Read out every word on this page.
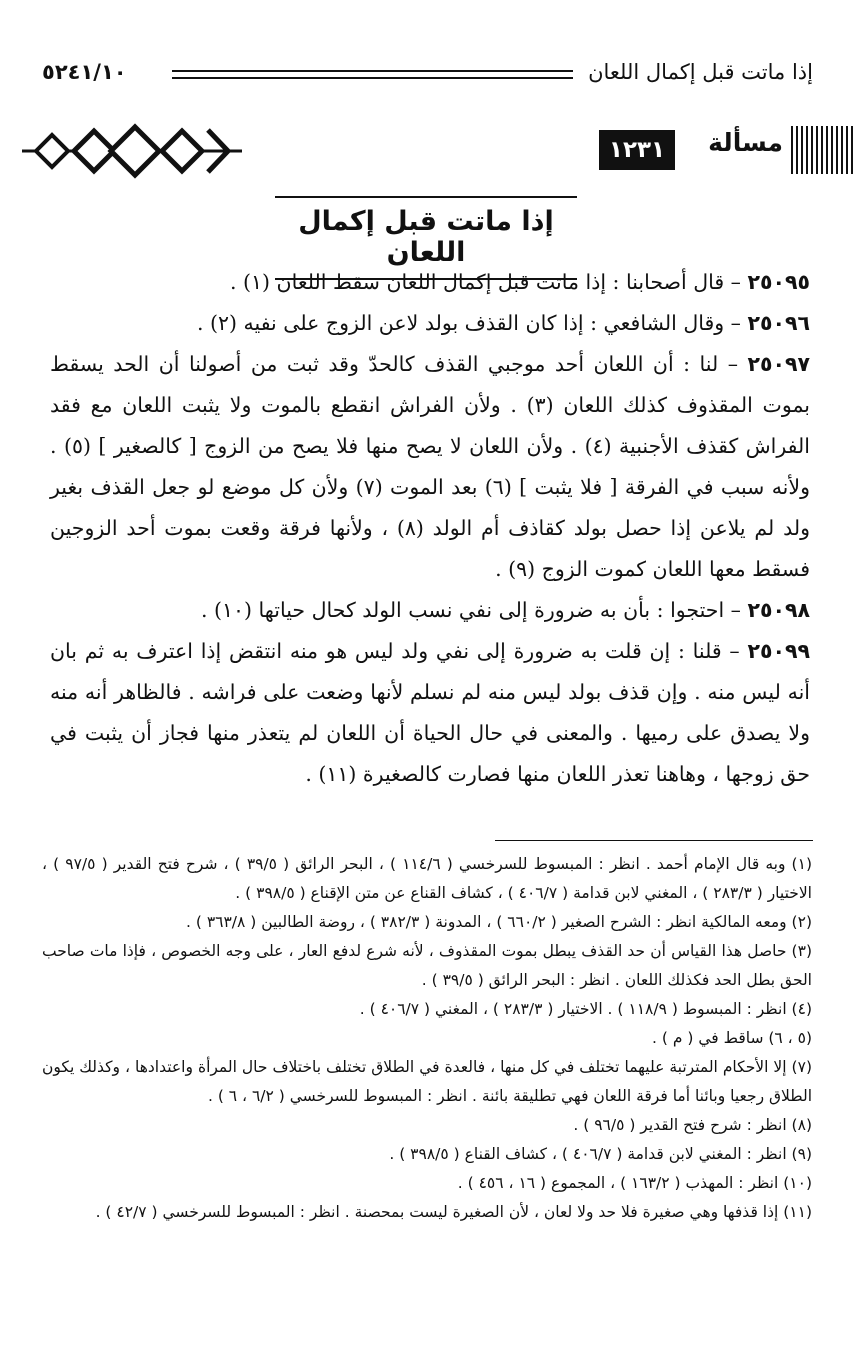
إذا ماتت قبل إكمال اللعان
٥٢٤١/١٠
١٢٣١	مسألة
إذا ماتت قبل إكمال اللعان

٢٥٠٩٥ – قال أصحابنا : إذا ماتت قبل إكمال اللعان سقط اللعان (١) .

٢٥٠٩٦ – وقال الشافعي : إذا كان القذف بولد لاعن الزوج على نفيه (٢) .

٢٥٠٩٧ – لنا : أن اللعان أحد موجبي القذف كالحدّ وقد ثبت من أصولنا أن الحد يسقط بموت المقذوف كذلك اللعان (٣) . ولأن الفراش انقطع بالموت ولا يثبت اللعان مع فقد الفراش كقذف الأجنبية (٤) . ولأن اللعان لا يصح منها فلا يصح من الزوج [ كالصغير ] (٥) . ولأنه سبب في الفرقة [ فلا يثبت ] (٦) بعد الموت (٧) ولأن كل موضع لو جعل القذف بغير ولد لم يلاعن إذا حصل بولد كقاذف أم الولد (٨) ، ولأنها فرقة وقعت بموت أحد الزوجين فسقط معها اللعان كموت الزوج (٩) .

٢٥٠٩٨ – احتجوا : بأن به ضرورة إلى نفي نسب الولد كحال حياتها (١٠) .

٢٥٠٩٩ – قلنا : إن قلت به ضرورة إلى نفي ولد ليس هو منه انتقض إذا اعترف به ثم بان أنه ليس منه . وإن قذف بولد ليس منه لم نسلم لأنها وضعت على فراشه . فالظاهر أنه منه ولا يصدق على رميها . والمعنى في حال الحياة أن اللعان لم يتعذر منها فجاز أن يثبت في حق زوجها ، وهاهنا تعذر اللعان منها فصارت كالصغيرة (١١) .

(١) وبه قال الإمام أحمد . انظر : المبسوط للسرخسي ( ١١٤/٦ ) ، البحر الرائق ( ٣٩/٥ ) ، شرح فتح القدير ( ٩٧/٥ ) ، الاختيار ( ٢٨٣/٣ ) ، المغني لابن قدامة ( ٤٠٦/٧ ) ، كشاف القناع عن متن الإقناع ( ٣٩٨/٥ ) .

(٢) ومعه المالكية انظر : الشرح الصغير ( ٦٦٠/٢ ) ، المدونة ( ٣٨٢/٣ ) ، روضة الطالبين ( ٣٦٣/٨ ) .

(٣) حاصل هذا القياس أن حد القذف يبطل بموت المقذوف ، لأنه شرع لدفع العار ، على وجه الخصوص ، فإذا مات صاحب الحق بطل الحد فكذلك اللعان . انظر : البحر الرائق ( ٣٩/٥ ) .

(٤) انظر : المبسوط ( ١١٨/٩ ) . الاختيار ( ٢٨٣/٣ ) ، المغني ( ٤٠٦/٧ ) .

(٥ ، ٦) ساقط في ( م ) .

(٧) إلا الأحكام المترتبة عليهما تختلف في كل منها ، فالعدة في الطلاق تختلف باختلاف حال المرأة واعتدادها ، وكذلك يكون الطلاق رجعيا وبائنا أما فرقة اللعان فهي تطليقة بائنة . انظر : المبسوط للسرخسي ( ٦/٢ ، ٦ ) .

(٨) انظر : شرح فتح القدير ( ٩٦/٥ ) .

(٩) انظر : المغني لابن قدامة ( ٤٠٦/٧ ) ، كشاف القناع ( ٣٩٨/٥ ) .

(١٠) انظر : المهذب ( ١٦٣/٢ ) ، المجموع ( ١٦ ، ٤٥٦ ) .

(١١) إذا قذفها وهي صغيرة فلا حد ولا لعان ، لأن الصغيرة ليست بمحصنة . انظر : المبسوط للسرخسي ( ٤٢/٧ ) .
